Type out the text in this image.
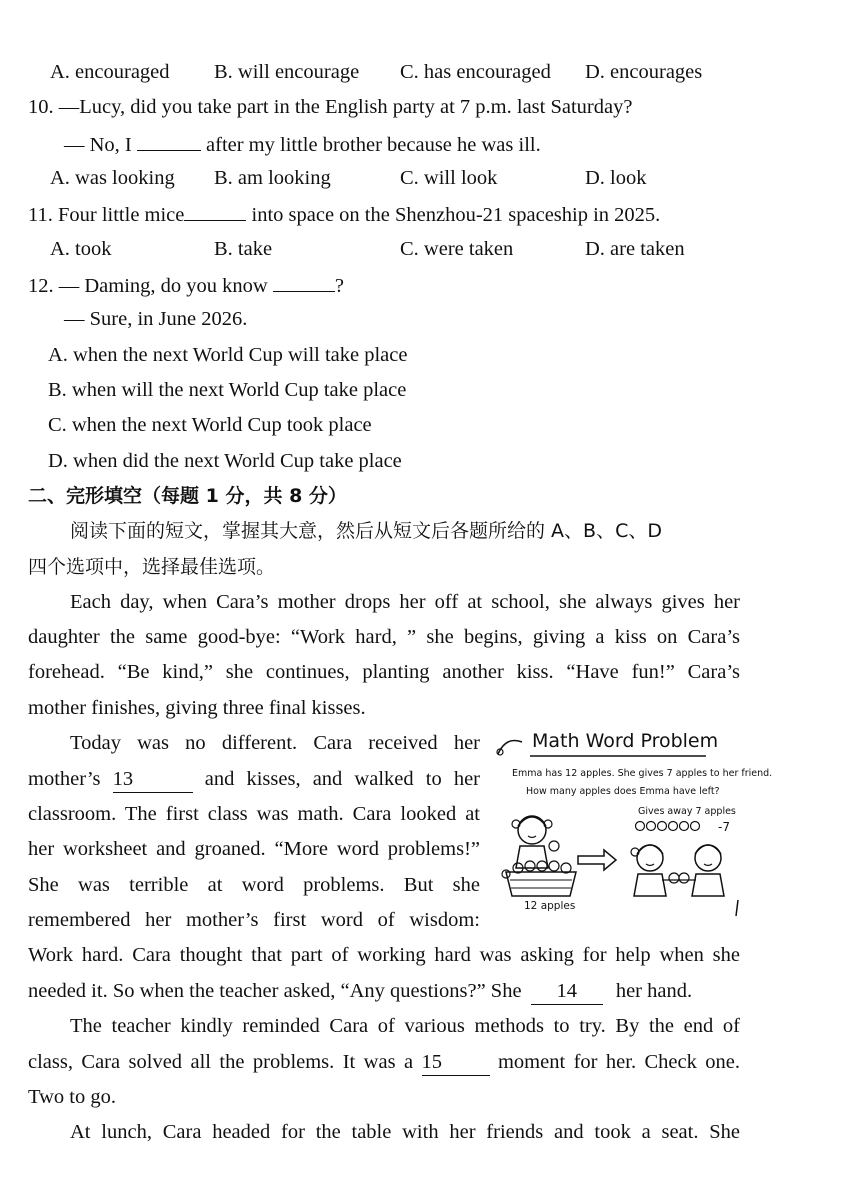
A. encouraged B. will encourage C. has encouraged D. encourages
10. —Lucy, did you take part in the English party at 7 p.m. last Saturday?
— No, I	after my little brother because he was ill.
A. was looking B. am looking	C. will look	D. look
11. Four little mice	into space on the Shenzhou-21 spaceship in 2025.
A. took	B. take	C. were taken	D. are taken
12. — Daming, do you know	?
— Sure, in June 2026.
A. when the next World Cup will take place
B. when will the next World Cup take place
C. when the next World Cup took place
D. when did the next World Cup take place
二、完形填空（每题 1 分，共 8 分）
阅读下面的短文，掌握其大意，然后从短文后各题所给的 A、B、C、D
四个选项中，选择最佳选项。
Each day, when Cara’s mother drops her off at school, she always gives her
daughter the same good-bye: “Work hard, ” she begins, giving a kiss on Cara’s
forehead. “Be kind,” she continues, planting another kiss. “Have fun!” Cara’s
mother finishes, giving three final kisses.
Today was no different. Cara received her
mother’s 13	and kisses, and walked to her
classroom. The first class was math. Cara looked at
her worksheet and groaned. “More word problems!”
She was terrible at word problems. But she
remembered her mother’s first word of wisdom:
Work hard. Cara thought that part of working hard was asking for help when she
needed it. So when the teacher asked, “Any questions?” She 14 her hand.
The teacher kindly reminded Cara of various methods to try. By the end of
class, Cara solved all the problems. It was a 15	moment for her. Check one.
Two to go.
At lunch, Cara headed for the table with her friends and took a seat. She
Math Word Problem
Emma has 12 apples. She gives 7 apples to her friend.
How many apples does Emma have left?
Gives away 7 apples
-7
12 apples
